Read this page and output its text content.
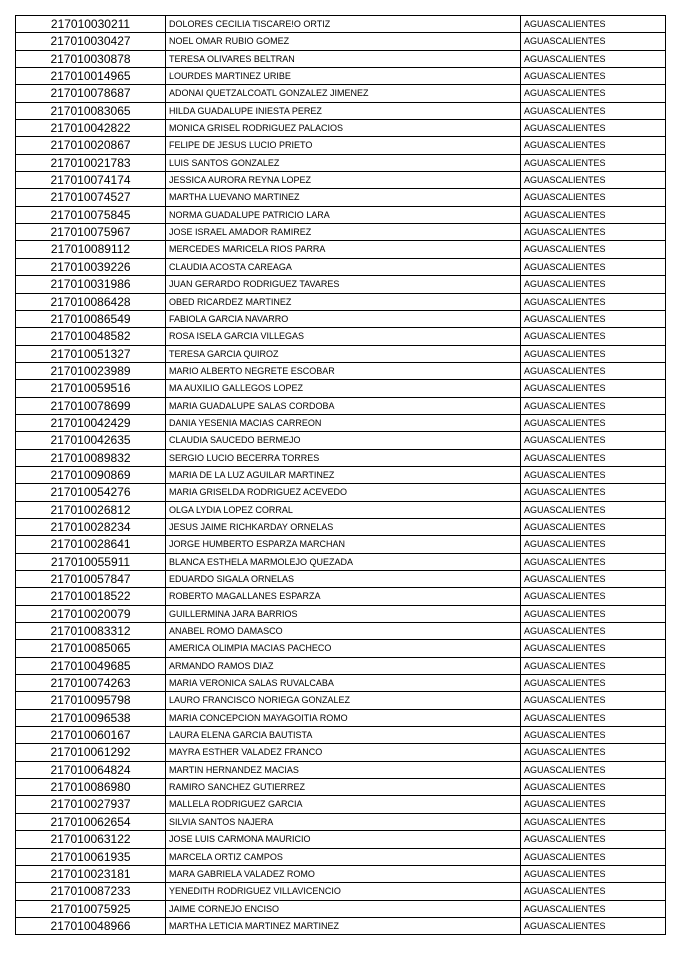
217010030211	DOLORES CECILIA TISCARE!O ORTIZ	AGUASCALIENTES
217010030427	NOEL OMAR RUBIO GOMEZ	AGUASCALIENTES
217010030878	TERESA OLIVARES BELTRAN	AGUASCALIENTES
217010014965	LOURDES MARTINEZ URIBE	AGUASCALIENTES
217010078687	ADONAI QUETZALCOATL GONZALEZ JIMENEZ	AGUASCALIENTES
217010083065	HILDA GUADALUPE INIESTA PEREZ	AGUASCALIENTES
217010042822	MONICA GRISEL RODRIGUEZ PALACIOS	AGUASCALIENTES
217010020867	FELIPE DE JESUS LUCIO PRIETO	AGUASCALIENTES
217010021783	LUIS SANTOS GONZALEZ	AGUASCALIENTES
217010074174	JESSICA AURORA REYNA LOPEZ	AGUASCALIENTES
217010074527	MARTHA LUEVANO MARTINEZ	AGUASCALIENTES
217010075845	NORMA GUADALUPE PATRICIO LARA	AGUASCALIENTES
217010075967	JOSE ISRAEL AMADOR RAMIREZ	AGUASCALIENTES
217010089112	MERCEDES MARICELA RIOS PARRA	AGUASCALIENTES
217010039226	CLAUDIA ACOSTA CAREAGA	AGUASCALIENTES
217010031986	JUAN GERARDO RODRIGUEZ TAVARES	AGUASCALIENTES
217010086428	OBED RICARDEZ MARTINEZ	AGUASCALIENTES
217010086549	FABIOLA GARCIA NAVARRO	AGUASCALIENTES
217010048582	ROSA ISELA GARCIA VILLEGAS	AGUASCALIENTES
217010051327	TERESA GARCIA QUIROZ	AGUASCALIENTES
217010023989	MARIO ALBERTO NEGRETE ESCOBAR	AGUASCALIENTES
217010059516	MA AUXILIO GALLEGOS LOPEZ	AGUASCALIENTES
217010078699	MARIA GUADALUPE SALAS CORDOBA	AGUASCALIENTES
217010042429	DANIA YESENIA MACIAS CARREON	AGUASCALIENTES
217010042635	CLAUDIA SAUCEDO BERMEJO	AGUASCALIENTES
217010089832	SERGIO LUCIO BECERRA TORRES	AGUASCALIENTES
217010090869	MARIA DE LA LUZ AGUILAR MARTINEZ	AGUASCALIENTES
217010054276	MARIA GRISELDA RODRIGUEZ ACEVEDO	AGUASCALIENTES
217010026812	OLGA LYDIA LOPEZ CORRAL	AGUASCALIENTES
217010028234	JESUS JAIME RICHKARDAY ORNELAS	AGUASCALIENTES
217010028641	JORGE HUMBERTO ESPARZA MARCHAN	AGUASCALIENTES
217010055911	BLANCA ESTHELA MARMOLEJO QUEZADA	AGUASCALIENTES
217010057847	EDUARDO SIGALA ORNELAS	AGUASCALIENTES
217010018522	ROBERTO MAGALLANES ESPARZA	AGUASCALIENTES
217010020079	GUILLERMINA JARA BARRIOS	AGUASCALIENTES
217010083312	ANABEL ROMO DAMASCO	AGUASCALIENTES
217010085065	AMERICA OLIMPIA MACIAS PACHECO	AGUASCALIENTES
217010049685	ARMANDO RAMOS DIAZ	AGUASCALIENTES
217010074263	MARIA VERONICA SALAS RUVALCABA	AGUASCALIENTES
217010095798	LAURO FRANCISCO NORIEGA GONZALEZ	AGUASCALIENTES
217010096538	MARIA CONCEPCION MAYAGOITIA ROMO	AGUASCALIENTES
217010060167	LAURA ELENA GARCIA BAUTISTA	AGUASCALIENTES
217010061292	MAYRA ESTHER VALADEZ FRANCO	AGUASCALIENTES
217010064824	MARTIN HERNANDEZ MACIAS	AGUASCALIENTES
217010086980	RAMIRO SANCHEZ GUTIERREZ	AGUASCALIENTES
217010027937	MALLELA RODRIGUEZ GARCIA	AGUASCALIENTES
217010062654	SILVIA SANTOS NAJERA	AGUASCALIENTES
217010063122	JOSE LUIS CARMONA MAURICIO	AGUASCALIENTES
217010061935	MARCELA ORTIZ CAMPOS	AGUASCALIENTES
217010023181	MARA GABRIELA VALADEZ ROMO	AGUASCALIENTES
217010087233	YENEDITH RODRIGUEZ VILLAVICENCIO	AGUASCALIENTES
217010075925	JAIME CORNEJO ENCISO	AGUASCALIENTES
217010048966	MARTHA LETICIA MARTINEZ MARTINEZ	AGUASCALIENTES
